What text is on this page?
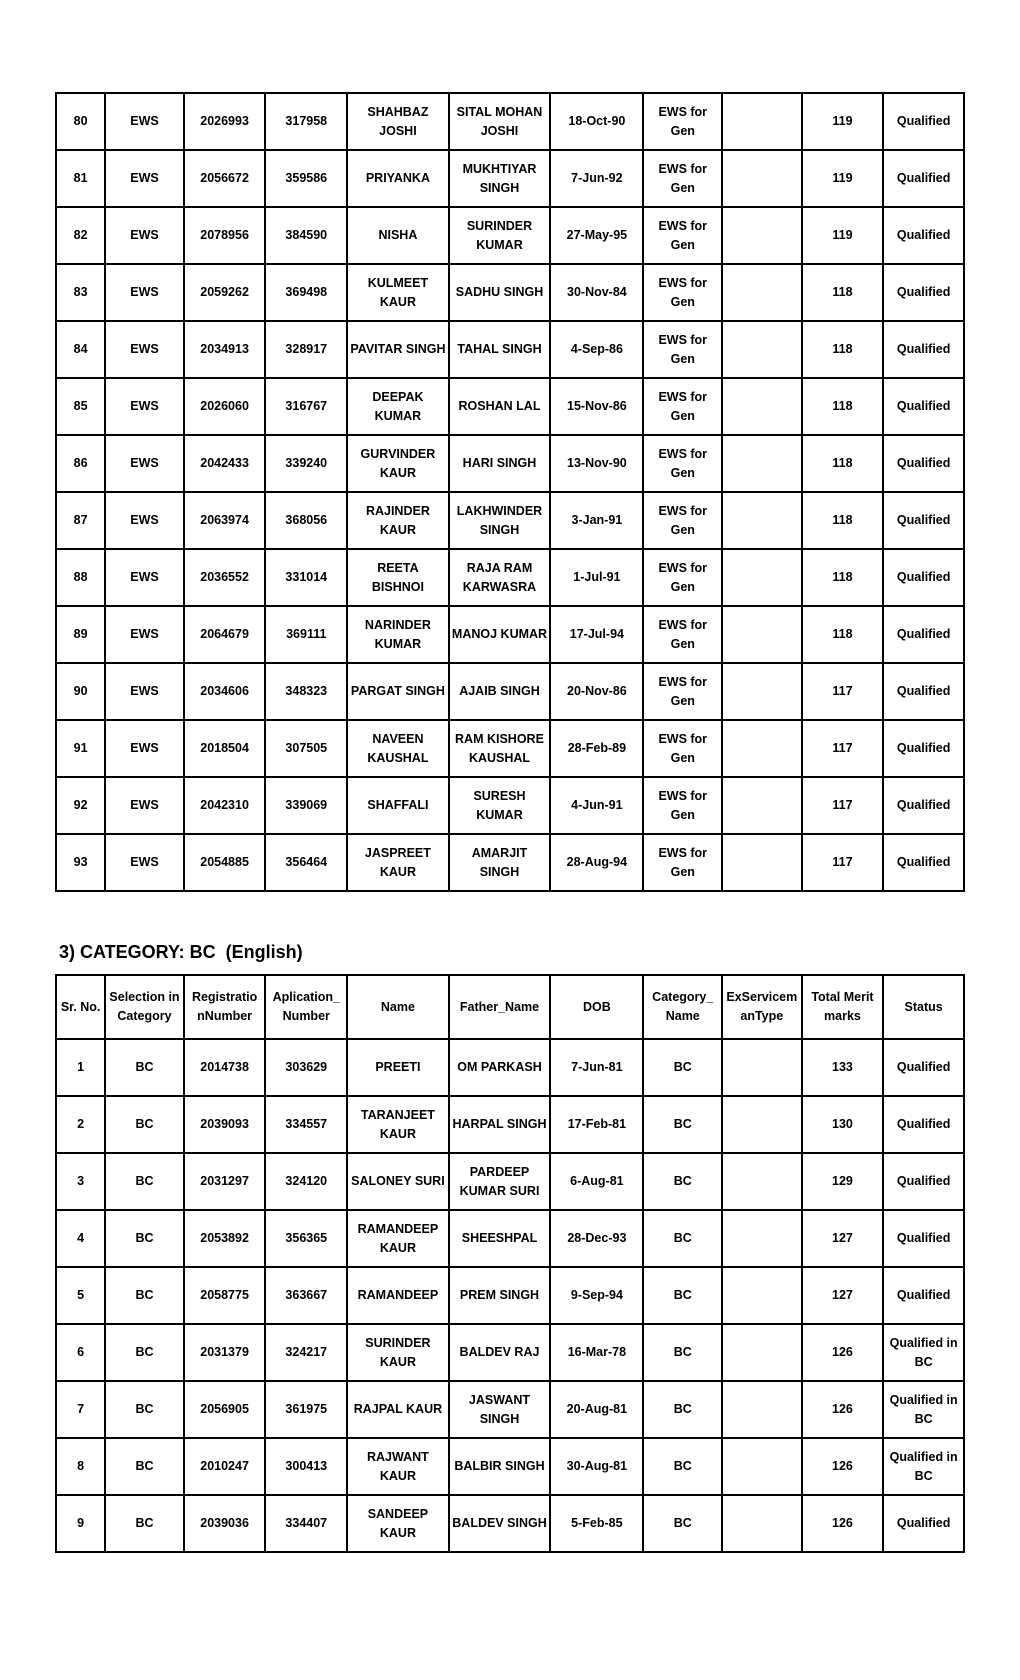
80	EWS	2026993	317958	SHAHBAZ JOSHI	SITAL MOHAN JOSHI	18-Oct-90	EWS for Gen		119	Qualified
81	EWS	2056672	359586	PRIYANKA	MUKHTIYAR SINGH	7-Jun-92	EWS for Gen		119	Qualified
82	EWS	2078956	384590	NISHA	SURINDER KUMAR	27-May-95	EWS for Gen		119	Qualified
83	EWS	2059262	369498	KULMEET KAUR	SADHU SINGH	30-Nov-84	EWS for Gen		118	Qualified
84	EWS	2034913	328917	PAVITAR SINGH	TAHAL SINGH	4-Sep-86	EWS for Gen		118	Qualified
85	EWS	2026060	316767	DEEPAK KUMAR	ROSHAN LAL	15-Nov-86	EWS for Gen		118	Qualified
86	EWS	2042433	339240	GURVINDER KAUR	HARI SINGH	13-Nov-90	EWS for Gen		118	Qualified
87	EWS	2063974	368056	RAJINDER KAUR	LAKHWINDER SINGH	3-Jan-91	EWS for Gen		118	Qualified
88	EWS	2036552	331014	REETA BISHNOI	RAJA RAM KARWASRA	1-Jul-91	EWS for Gen		118	Qualified
89	EWS	2064679	369111	NARINDER KUMAR	MANOJ KUMAR	17-Jul-94	EWS for Gen		118	Qualified
90	EWS	2034606	348323	PARGAT SINGH	AJAIB SINGH	20-Nov-86	EWS for Gen		117	Qualified
91	EWS	2018504	307505	NAVEEN KAUSHAL	RAM KISHORE KAUSHAL	28-Feb-89	EWS for Gen		117	Qualified
92	EWS	2042310	339069	SHAFFALI	SURESH KUMAR	4-Jun-91	EWS for Gen		117	Qualified
93	EWS	2054885	356464	JASPREET KAUR	AMARJIT SINGH	28-Aug-94	EWS for Gen		117	Qualified
3) CATEGORY: BC  (English)
Sr. No.	Selection in Category	Registratio nNumber	Aplication_ Number	Name	Father_Name	DOB	Category_ Name	ExServicem anType	Total Merit marks	Status
1	BC	2014738	303629	PREETI	OM PARKASH	7-Jun-81	BC		133	Qualified
2	BC	2039093	334557	TARANJEET KAUR	HARPAL SINGH	17-Feb-81	BC		130	Qualified
3	BC	2031297	324120	SALONEY SURI	PARDEEP KUMAR SURI	6-Aug-81	BC		129	Qualified
4	BC	2053892	356365	RAMANDEEP KAUR	SHEESHPAL	28-Dec-93	BC		127	Qualified
5	BC	2058775	363667	RAMANDEEP	PREM SINGH	9-Sep-94	BC		127	Qualified
6	BC	2031379	324217	SURINDER KAUR	BALDEV RAJ	16-Mar-78	BC		126	Qualified in BC
7	BC	2056905	361975	RAJPAL KAUR	JASWANT SINGH	20-Aug-81	BC		126	Qualified in BC
8	BC	2010247	300413	RAJWANT KAUR	BALBIR SINGH	30-Aug-81	BC		126	Qualified in BC
9	BC	2039036	334407	SANDEEP KAUR	BALDEV SINGH	5-Feb-85	BC		126	Qualified
